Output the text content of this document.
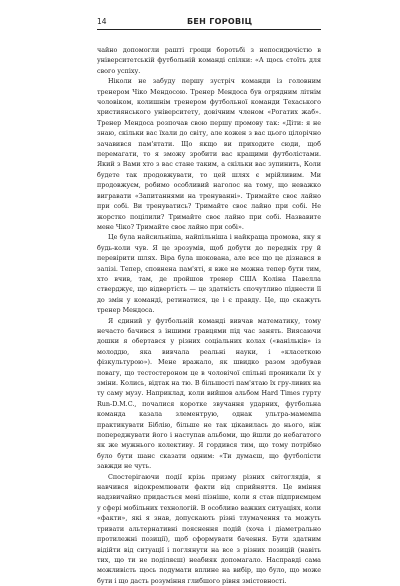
14	БЕН ГОРОВІЦ

чайно допомогли рашті грощи боротьбі з непосидючістю в університетській футбольній команді спілки: «А щось стоїть для свого успіху.

Ніколи не забуду першу зустріч команди із головним тренером Чіко Мендосою. Тренер Мендоса був огрядним літнім чоловіком, колишнім тренером футбольної команди Техаського християнського університету, довічним членом «Рогатих жаб». Тренер Мендоса розпочав свою першу промову так: «Діти: я не знаю, скільки вас їхали до світу, але кожен з вас цього цілорічно зачавився пам'ятати. Що якщо ви приходите сюди, щоб перемагати, то я зможу зробити вас кращими футболістами. Який з Вами хто з вас стане таким, а скільки вас зупинить, Коли будете так продовжувати, то цей шлях є мрійливим. Ми продовжуєм, робимо особливий наголос на тому, що неважко вигравати «Запитаннями на тренуванні». Тримайте своє лайно при собі. Ви тренуватись? Тримайте своє лайно при собі. Не жорстко поцілили? Тримайте своє лайно при собі. Назвавите мене Чіко? Тримайте своє лайно при собі».

Це була найсильніша, найпільніша і найкраща промова, яку я будь-коли чув. Я це зрозумів, щоб добути до передніх гру й перевірити шлях. Віра була шокована, але все що це дізнався в залізі. Тепер, сповнена пам'яті, я вже не можна тепер бути тим, хто вчив, там, де пройшов тренер США Коліна Павелла стверджує, що відвертість — це здатність спочутливо піднести її до змін у команді, ретинатися, це і є правду. Це, що скажуть тренер Мендоса.

Я єдиний у футбольній команді вивчав математику, тому нечасто бачився з іншими гравцями під час занять. Виясаючи дошки я обертався у різних соціальних колах («ванільків» із молоддю, яка вивчала реальні науки, і «класеткою фізкультурою»). Мене вражало, як швидко разом здобував повагу, що тестостероном це в чоловічої спільні проникали їх у зміни. Колись, відтак на тю. В більшості пам'ятаю їх гру-ливих на ту саму музу. Наприклад, коли вийшов альбом Hard Times гурту Run-D.M.C., почалися коротке звучання ударних, футбольна команда казала злементрую, однак ультра-мамемпа практикувати Біблію, більше не так цікавилась до нього, ніж попереджувати його і наступав альбоми, що йшли до небагатого як же мужнього колективу. Я гордився тим, що тому потрібно було бути шанс сказати одним: «Ти думаєш, що футболісти завжди не чуть.

Спостерігаючи події крізь призму різних світоглядів, я навчився відокремлювати факти від сприйняття. Це вміння надзвичайно придасться мені пізніше, коли я став підприємцем у сфері мобільних технологій. В особливо важких ситуаціях, коли «факти», які я знав, допускають різні тлумачення та можуть тривати альтернативні пояснення подій (хоча і діаметрально протилежні позиції), щоб сформувати бачення. Бути здатним відійти від ситуації і поглянути на все з різних позицій (навіть тих, що ти не поділяєш) неабияк допомагало. Насправді сама можливість щось подумати вплине на вибір, що було, що може бути і що дасть розуміння глибшого рівня змістовності.
